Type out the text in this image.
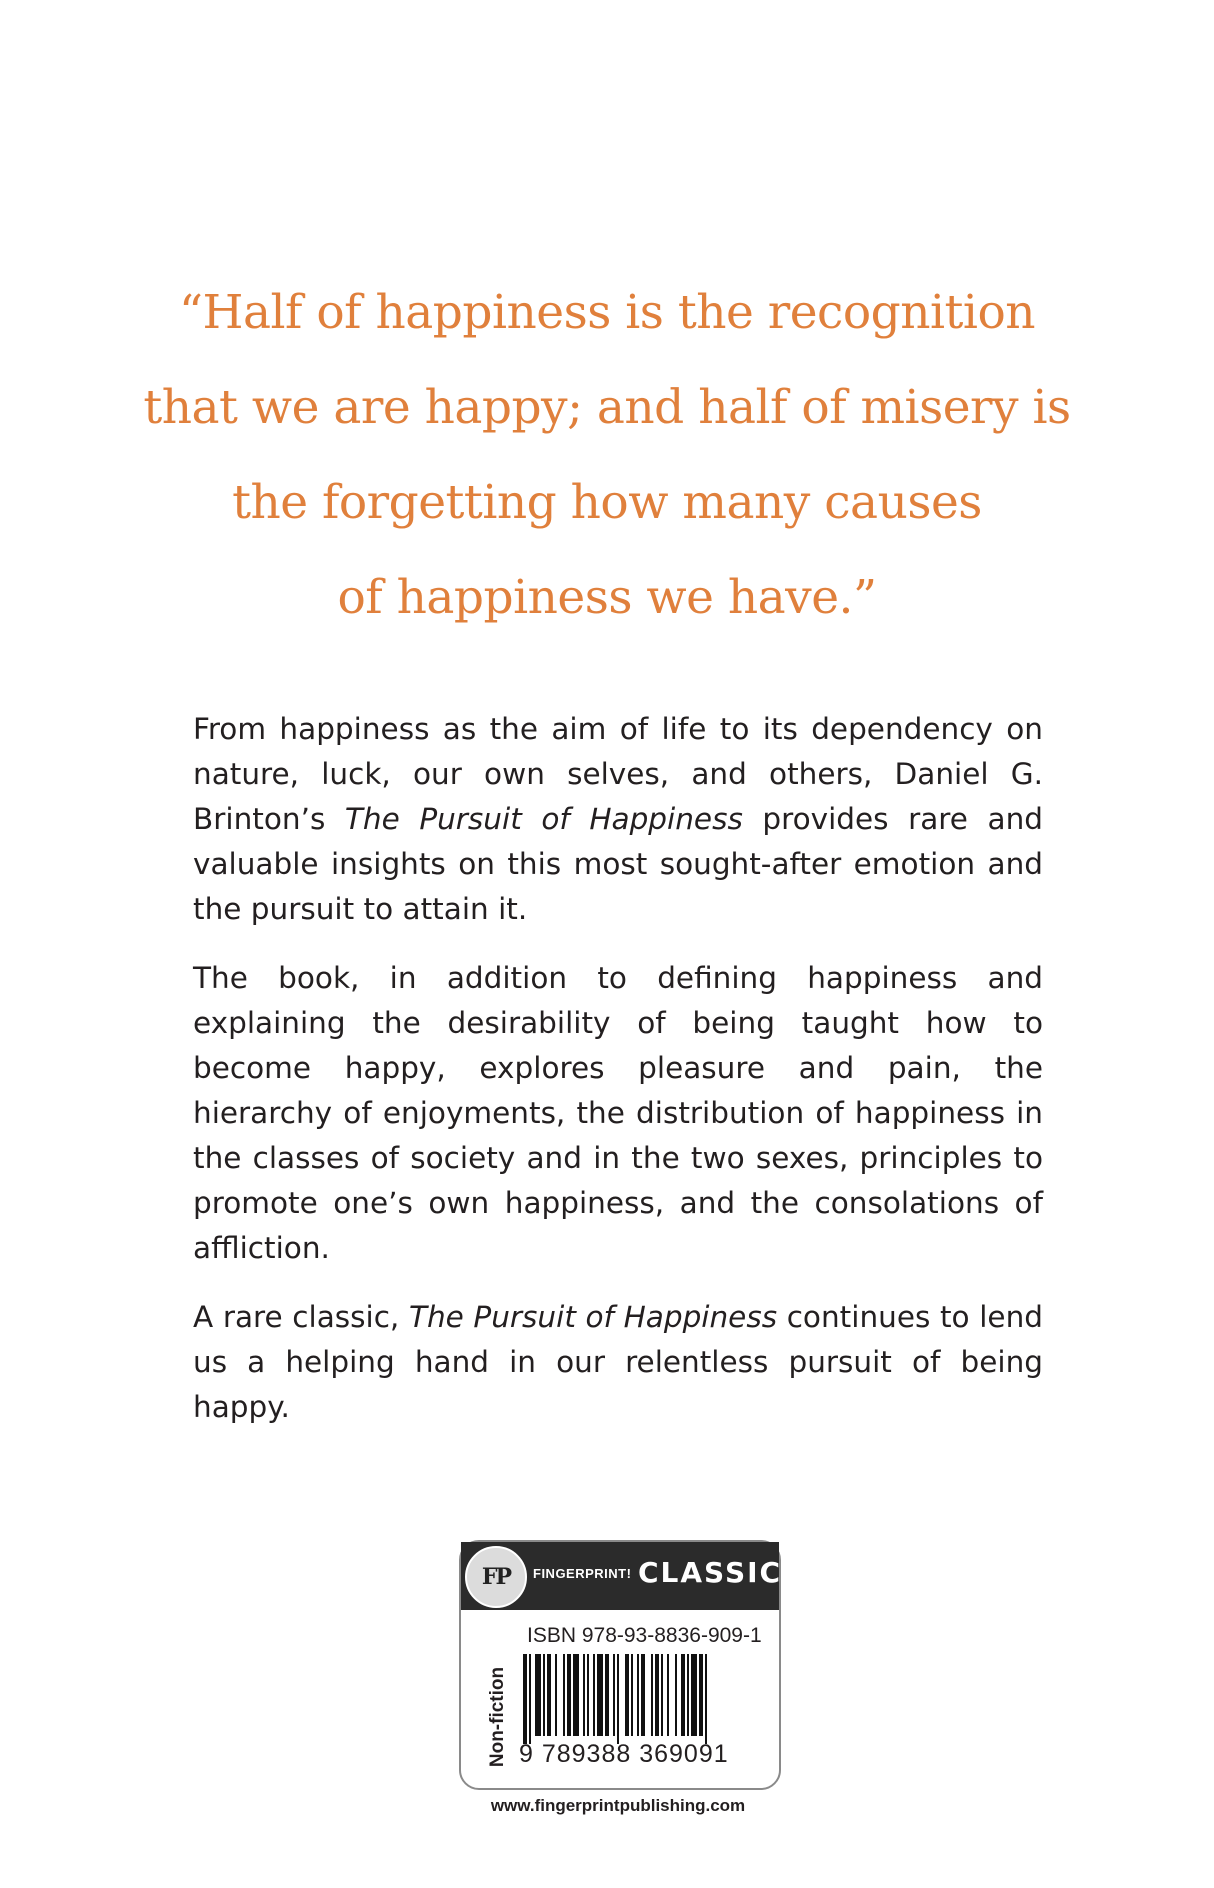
“Half of happiness is the recognition
that we are happy; and half of misery is
the forgetting how many causes
of happiness we have.”

From happiness as the aim of life to its dependency on nature, luck, our own selves, and others, Daniel G. Brinton’s The Pursuit of Happiness provides rare and valuable insights on this most sought-after emotion and the pursuit to attain it.

The book, in addition to defining happiness and explaining the desirability of being taught how to become happy, explores pleasure and pain, the hierarchy of enjoyments, the distribution of happiness in the classes of society and in the two sexes, principles to promote one’s own happiness, and the consolations of affliction.

A rare classic, The Pursuit of Happiness continues to lend us a helping hand in our relentless pursuit of being happy.

FP	FINGERPRINT! CLASSICS
ISBN 978-93-8836-909-1
Non-fiction 9 789388 369091
www.fingerprintpublishing.com
